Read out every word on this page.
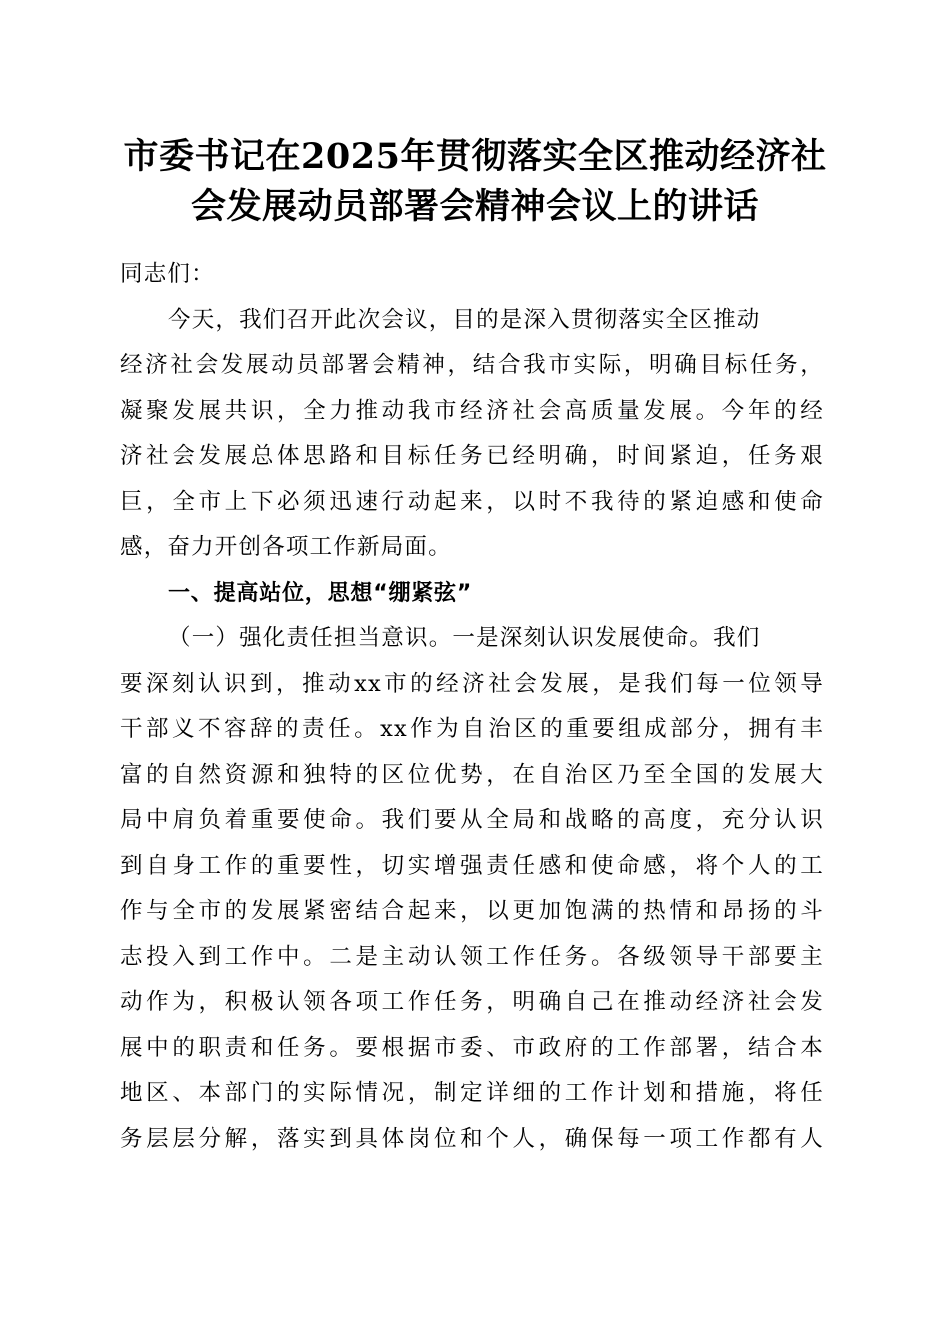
市委书记在2025年贯彻落实全区推动经济社
会发展动员部署会精神会议上的讲话
同志们：
今天，我们召开此次会议，目的是深入贯彻落实全区推动
经济社会发展动员部署会精神，结合我市实际，明确目标任务，
凝聚发展共识，全力推动我市经济社会高质量发展。今年的经
济社会发展总体思路和目标任务已经明确，时间紧迫，任务艰
巨，全市上下必须迅速行动起来，以时不我待的紧迫感和使命
感，奋力开创各项工作新局面。
一、提高站位，思想“绷紧弦”
（一）强化责任担当意识。一是深刻认识发展使命。我们
要深刻认识到，推动xx市的经济社会发展，是我们每一位领导
干部义不容辞的责任。xx作为自治区的重要组成部分，拥有丰
富的自然资源和独特的区位优势，在自治区乃至全国的发展大
局中肩负着重要使命。我们要从全局和战略的高度，充分认识
到自身工作的重要性，切实增强责任感和使命感，将个人的工
作与全市的发展紧密结合起来，以更加饱满的热情和昂扬的斗
志投入到工作中。二是主动认领工作任务。各级领导干部要主
动作为，积极认领各项工作任务，明确自己在推动经济社会发
展中的职责和任务。要根据市委、市政府的工作部署，结合本
地区、本部门的实际情况，制定详细的工作计划和措施，将任
务层层分解，落实到具体岗位和个人，确保每一项工作都有人
